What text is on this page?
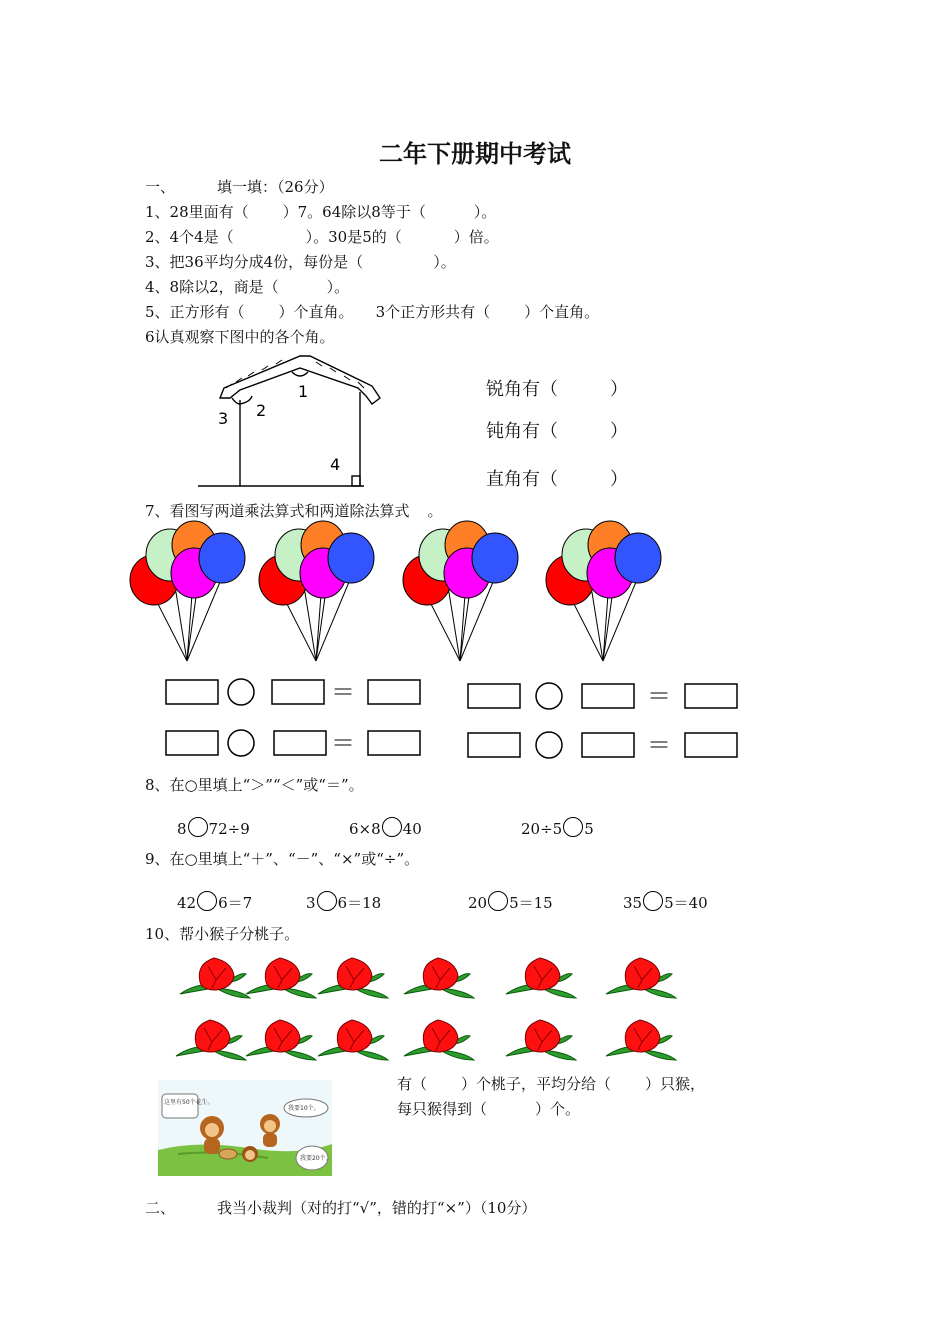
二年下册期中考试
一、	填一填：（26分）
1、28里面有（ ）7。64除以8等于（	）。
2、4个4是（	）。30是5的（	）倍。
3、把36平均分成4份，每份是（	）。
4、8除以2，商是（	）。
5、正方形有（ ）个直角。 3个正方形共有（ ）个直角。
6认真观察下图中的各个角。
1
2
3
4
锐角有（	）
钝角有（	）
直角有（	）
7、看图写两道乘法算式和两道除法算式 。
＝
＝
＝
＝
8、在○里填上“＞”“＜”或“＝”。
8 72÷9	6×8 40	20÷5 5
9、在○里填上“＋”、“－”、“×”或“÷”。
42 6＝7	3 6＝18	20 5＝15	35 5＝40
10、帮小猴子分桃子。
这里有50个花生。
我要10个。
我要20个。
有（ ）个桃子，平均分给（ ）只猴，
每只猴得到（	）个。
二、	我当小裁判（对的打“√”，错的打“×”）（10分）
